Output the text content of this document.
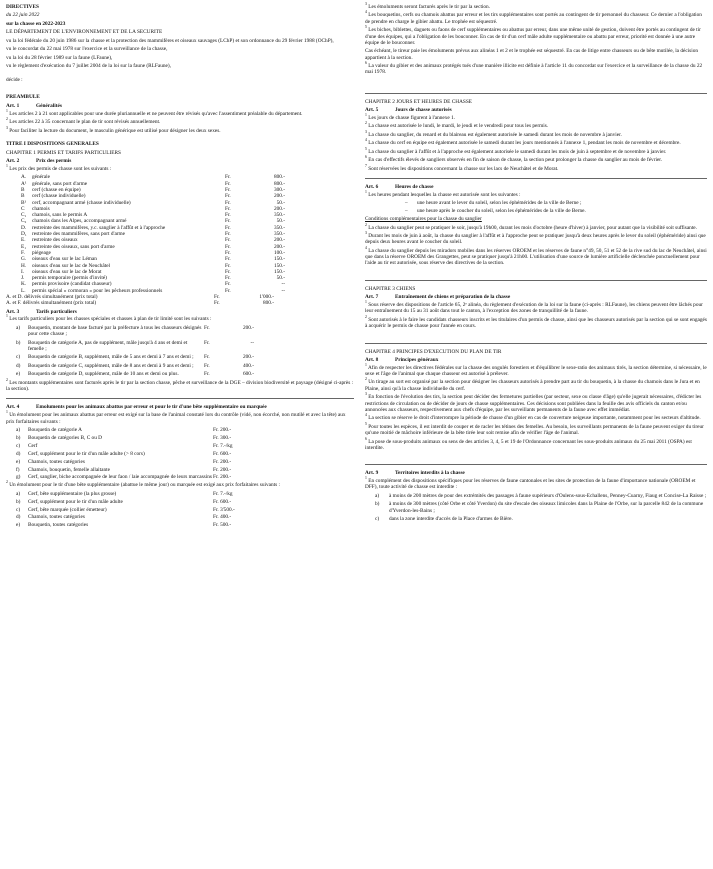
DIRECTIVES

du 22 juin 2022

sur la chasse en 2022-2023

LE DÉPARTEMENT DE L'ENVIRONNEMENT ET DE LA SECURITE

vu la loi fédérale du 20 juin 1986 sur la chasse et la protection des mammifères et oiseaux sauvages (LChP) et son ordonnance du 29 février 1988 (OChP),

vu le concordat du 22 mai 1978 sur l'exercice et la surveillance de la chasse,

vu la loi du 28 février 1989 sur la faune (LFaune),

vu le règlement d'exécution du 7 juillet 2004 de la loi sur la faune (RLFaune),

décide :

PREAMBULE

Art. 1	Généralités

$^1$ Les articles 2 à 21 sont applicables pour une durée pluriannuelle et ne peuvent être révisés qu'avec l'assentiment préalable du département.

$^2$ Les articles 22 à 35 concernant le plan de tir sont révisés annuellement.

$^3$ Pour faciliter la lecture du document, le masculin générique est utilisé pour désigner les deux sexes.

TITRE I DISPOSITIONS GENERALES

CHAPITRE 1 PERMIS ET TARIFS PARTICULIERS

Art. 2	Prix des permis

$^1$ Les prix des permis de chasse sont les suivants :

A.	générale	Fr.	800.-
A¹	générale, sans port d'arme	Fr.	800.-
B	cerf (chasse en équipe)	Fr.	300.-
B	cerf (chasse individuelle)	Fr.	200.-
B¹	cerf, accompagnant armé (chasse individuelle)	Fr.	50.-
C	chamois	Fr.	200.-
C₁	chamois, sans le permis A	Fr.	350.-
C₂	chamois dans les Alpes, accompagnant armé	Fr.	50.-
D.	restreinte des mammifères, y.c. sanglier à l'affût et à l'approche	Fr.	350.-
D₁	restreinte des mammifères, sans port d'arme	Fr.	350.-
E.	restreinte des oiseaux	Fr.	200.-
E₁	restreinte des oiseaux, sans port d'arme	Fr.	200.-
F.	piégeage	Fr.	100.-
G.	oiseaux d'eau sur le lac Léman	Fr.	150.-
H.	oiseaux d'eau sur le lac de Neuchâtel	Fr.	150.-
I.	oiseaux d'eau sur le lac de Morat	Fr.	150.-
J.	permis temporaire (permis d'invité)	Fr.	50.-
K.	permis provisoire (candidat chasseur)	Fr.	--
L.	permis spécial « cormoran » pour les pêcheurs professionnels	Fr.	--
A. et D. délivrés simultanément (prix total)	Fr.	1'000.-
A. et F. délivrés simultanément (prix total)	Fr.	800.-
Art. 3	Tarifs particuliers

$^1$ Les tarifs particuliers pour les chasses spéciales et chasses à plan de tir limité sont les suivants :

a)	Bouquetin, montant de base facturé par la préfecture à tous les chasseurs désignés pour cette chasse ;
Fr.	200.-
b)	Bouquetin de catégorie A, pas de supplément, mâle jusqu'à 4 ans et demi et femelle ;
Fr.	--
c)	Bouquetin de catégorie B, supplément, mâle de 5 ans et demi à 7 ans et demi ;	Fr.	200.-
d)	Bouquetin de catégorie C, supplément, mâle de 8 ans et demi à 9 ans et demi ;	Fr.	400.-
e)	Bouquetin de catégorie D, supplément, mâle de 10 ans et demi ou plus.	Fr.	600.-

$^2$ Les montants supplémentaires sont facturés après le tir par la section chasse, pêche et surveillance de la DGE – division biodiversité et paysage (désigné ci-après : la section).

Art. 4	Emoluments pour les animaux abattus par erreur et pour le tir d'une bête supplémentaire ou marquée

$^1$ Un émolument pour les animaux abattus par erreur est exigé sur la base de l'animal constaté lors du contrôle (vidé, non écorché, non mutilé et avec la tête) aux prix forfaitaires suivants :

a)	Bouquetin de catégorie A	Fr. 200.-
b)	Bouquetin de catégories B, C ou D	Fr. 300.-
c)	Cerf	Fr. 7.-/kg
d)	Cerf, supplément pour le tir d'un mâle adulte (> 8 cors)	Fr. 600.-
e)	Chamois, toutes catégories	Fr. 200.-
f)	Chamois, bouquetin, femelle allaitante	Fr. 200.-
g)	Cerf, sanglier, biche accompagnée de leur faon / laie accompagnée de leurs marcassins Fr. 200.-

$^2$ Un émolument pour le tir d'une bête supplémentaire (abattue le même jour) ou marquée est exigé aux prix forfaitaires suivants :

a)	Cerf, bête supplémentaire (la plus grosse)	Fr. 7.-/kg
b)	Cerf, supplément pour le tir d'un mâle adulte	Fr. 600.-
c)	Cerf, bête marquée (collier émetteur)	Fr. 3'500.-
d)	Chamois, toutes catégories	Fr. 400.-
e)	Bouquetin, toutes catégories	Fr. 500.-

$^3$ Les émoluments seront facturés après le tir par la section.

$^4$ Les bouquetins, cerfs ou chamois abattus par erreur et les tirs supplémentaires sont portés au contingent de tir personnel du chasseur. Ce dernier a l'obligation de prendre en charge le gibier abattu. Le trophée est séquestré.

$^5$ Les biches, biblettes, daguets ou faons de cerf supplémentaires ou abattus par erreur, dans une même unité de gestion, doivent être portés au contingent de tir d'une des équipes, qui a l'obligation de les bouconner. En cas de tir d'un cerf mâle adulte supplémentaire ou abattu par erreur, priorité est donnée à une autre équipe de le bouconner.

Cas échéant, le tireur paie les émoluments prévus aux alinéas 1 et 2 et le trophée est séquestré. En cas de litige entre chasseurs ou de bête mutilée, la décision appartient à la section.

$^6$ La valeur du gibier et des animaux protégés tués d'une manière illicite est définie à l'article 11 du concordat sur l'exercice et la surveillance de la chasse du 22 mai 1978.

CHAPITRE 2 JOURS ET HEURES DE CHASSE

Art. 5	Jours de chasse autorisés

$^1$ Les jours de chasse figurent à l'annexe 1.

$^2$ La chasse est autorisée le lundi, le mardi, le jeudi et le vendredi pour tous les permis.

$^3$ La chasse du sanglier, du renard et du blaireau est également autorisée le samedi durant les mois de novembre à janvier.

$^4$ La chasse du cerf en équipe est également autorisée le samedi durant les jours mentionnés à l'annexe 1, pendant les mois de novembre et décembre.

$^5$ La chasse du sanglier à l'affût et à l'approche est également autorisée le samedi durant les mois de juin à septembre et de novembre à janvier.

$^6$ En cas d'effectifs élevés de sangliers observés en fin de saison de chasse, la section peut prolonger la chasse du sanglier au mois de février.

$^7$ Sont réservées les dispositions concernant la chasse sur les lacs de Neuchâtel et de Morat.

Art. 6	Heures de chasse

$^1$ Les heures pendant lesquelles la chasse est autorisée sont les suivantes :

–	une heure avant le lever du soleil, selon les éphémérides de la ville de Berne ;
–	une heure après le coucher du soleil, selon les éphémérides de la ville de Berne.

Conditions complémentaires pour la chasse du sanglier

$^2$ La chasse du sanglier peut se pratiquer le soir, jusqu'à 19h00, durant les mois d'octobre (heure d'hiver) à janvier, pour autant que la visibilité soit suffisante.

$^3$ Durant les mois de juin à août, la chasse du sanglier à l'affût et à l'approche peut se pratiquer jusqu'à deux heures après le lever du soleil (éphéméride) ainsi que depuis deux heures avant le coucher du soleil.

$^4$ La chasse du sanglier depuis les miradors mobiles dans les réserves OROEM et les réserves de faune n°49, 50, 51 et 52 de la rive sud du lac de Neuchâtel, ainsi que dans la réserve OROEM des Grangettes, peut se pratiquer jusqu'à 21h00. L'utilisation d'une source de lumière artificielle déclenchée ponctuellement pour l'aide au tir est autorisée, sous réserve des directives de la section.

CHAPITRE 3 CHIENS

Art. 7	Entraînement de chiens et préparation de la chasse

$^1$ Sous réserve des dispositions de l'article 65, 2ᵉ alinéa, du règlement d'exécution de la loi sur la faune (ci-après : RLFaune), les chiens peuvent être lâchés pour leur entraînement du 15 au 31 août dans tout le canton, à l'exception des zones de tranquillité de la faune.

$^2$ Sont autorisés à le faire les candidats chasseurs inscrits et les titulaires d'un permis de chasse, ainsi que les chasseurs autorisés par la section qui se sont engagés à acquérir le permis de chasse pour l'année en cours.

CHAPITRE 4 PRINCIPES D'EXECUTION DU PLAN DE TIR

Art. 8	Principes généraux

$^1$ Afin de respecter les directives fédérales sur la chasse des ongulés forestiers et d'équilibrer le sexe-ratio des animaux tirés, la section détermine, si nécessaire, le sexe et l'âge de l'animal que chaque chasseur est autorisé à prélever.

$^2$ Un tirage au sort est organisé par la section pour désigner les chasseurs autorisés à prendre part au tir du bouquetin, à la chasse du chamois dans le Jura et en Plaine, ainsi qu'à la chasse individuelle du cerf.

$^3$ En fonction de l'évolution des tirs, la section peut décider des fermetures partielles (par secteur, sexe ou classe d'âge) qu'elle jugerait nécessaires, d'édicter les restrictions de circulation ou de décider de jours de chasse supplémentaires. Ces décisions sont publiées dans la feuille des avis officiels du canton et/ou annoncées aux chasseurs, respectivement aux chefs d'équipe, par les surveillants permanents de la faune avec effet immédiat.

$^4$ La section se réserve le droit d'interrompre la période de chasse d'un gibier en cas de couverture neigeuse importante, notamment pour les secteurs d'altitude.

$^5$ Pour toutes les espèces, il est interdit de couper et de racler les tétines des femelles. Au besoin, les surveillants permanents de la faune peuvent exiger du tireur qu'une moitié de mâchoire inférieure de la bête tirée leur soit remise afin de vérifier l'âge de l'animal.

$^6$ La pose de sous-produits animaux ou sens de des articles 3, 4, 5 et 19 de l'Ordonnance concernant les sous-produits animaux du 25 mai 2011 (OSPA) est interdite.

Art. 9	Territoires interdits à la chasse

$^1$ En complément des dispositions spécifiques pour les réserves de faune cantonales et les sites de protection de la faune d'importance nationale (OROEM et DFF), toute activité de chasse est interdite :

a)	à moins de 200 mètres de pour des extrémités des passages à faune supérieurs d'Oulens-sous-Echallens, Penney-Cuarny, Fiaug et Concise-La Raisse ;
b)	à moins de 300 mètres (côté Orbe et côté Yverdon) du site d'escale des oiseaux limicoles dans la Plaine de l'Orbe, sur la parcelle 842 de la commune d'Yverdon-les-Bains ;
c)	dans la zone interdite d'accès de la Place d'armes de Bière.
